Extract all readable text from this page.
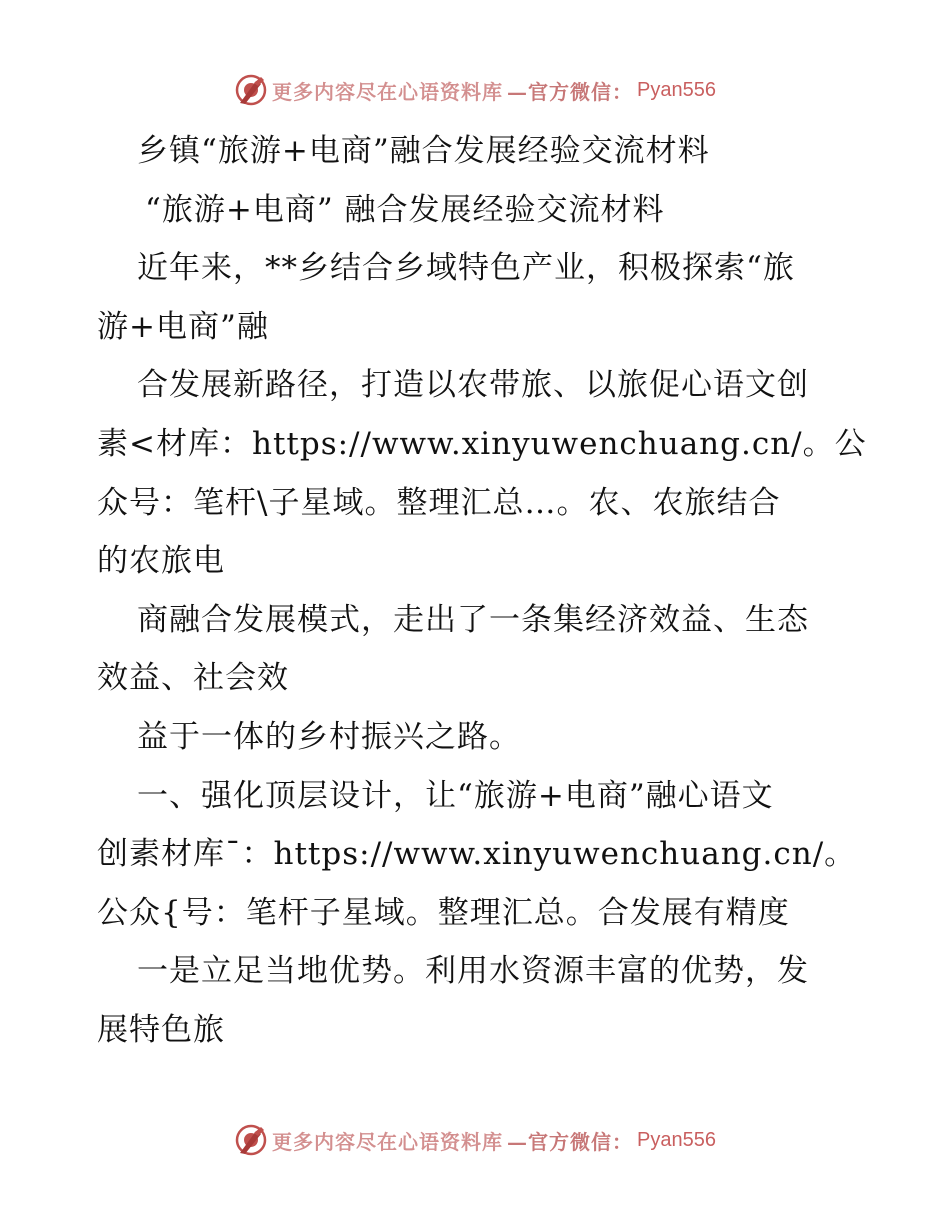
更多内容尽在心语资料库 —官方微信： Pyan556
乡镇“旅游+电商”融合发展经验交流材料
“旅游+电商” 融合发展经验交流材料
近年来，**乡结合乡域特色产业，积极探索“旅
游+电商”融
合发展新路径，打造以农带旅、以旅促心语文创
素<材库：https://www.xinyuwenchuang.cn/。公
众号：笔杆\子星域。整理汇总…。农、农旅结合
的农旅电
商融合发展模式，走出了一条集经济效益、生态
效益、社会效
益于一体的乡村振兴之路。
一、强化顶层设计，让“旅游+电商”融心语文
创素材库¯：https://www.xinyuwenchuang.cn/。
公众{号：笔杆子星域。整理汇总。合发展有精度
一是立足当地优势。利用水资源丰富的优势，发
展特色旅
更多内容尽在心语资料库 —官方微信： Pyan556
